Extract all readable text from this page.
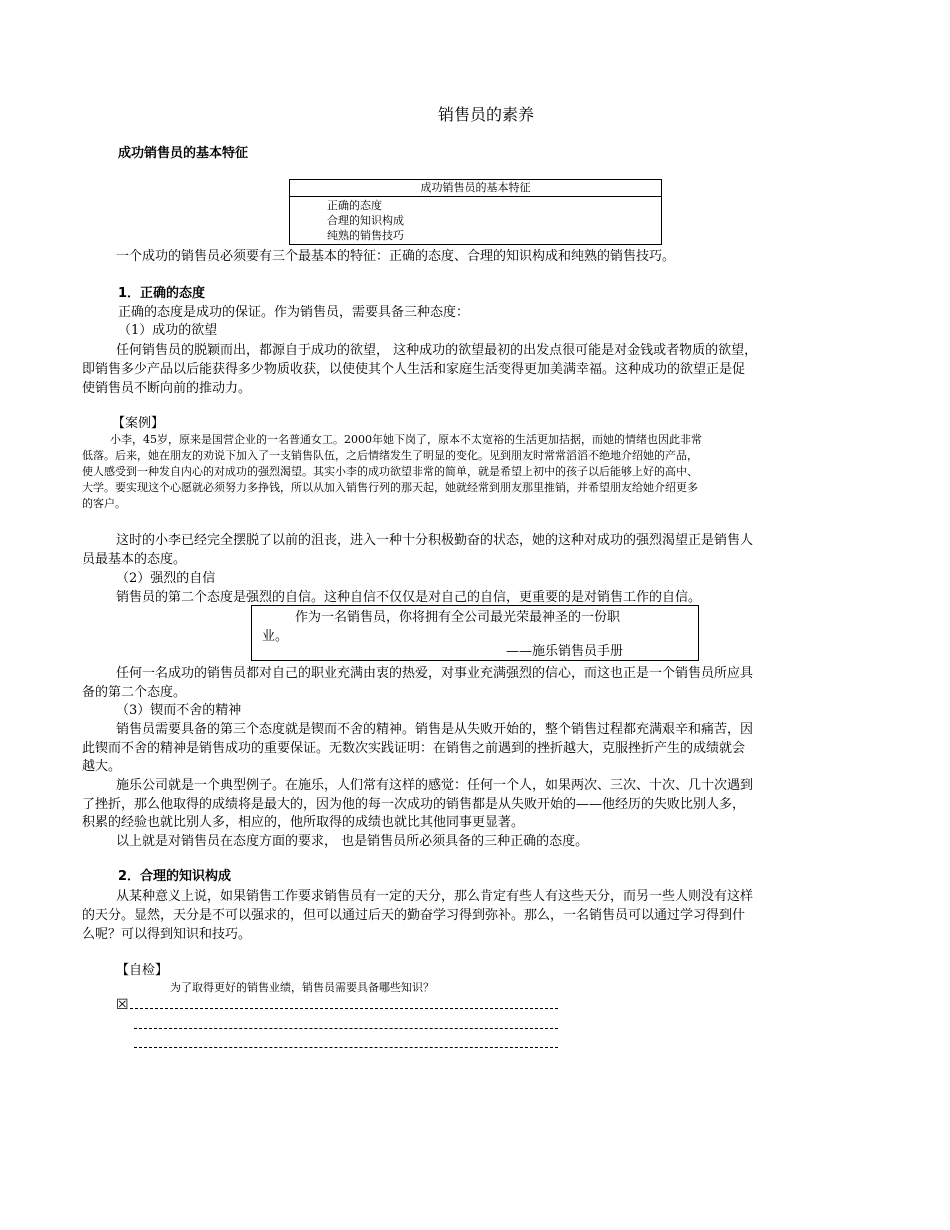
销售员的素养
成功销售员的基本特征
成功销售员的基本特征
正确的态度
合理的知识构成
纯熟的销售技巧
一个成功的销售员必须要有三个最基本的特征：正确的态度、合理的知识构成和纯熟的销售技巧。
1．正确的态度
正确的态度是成功的保证。作为销售员，需要具备三种态度：
（1）成功的欲望
任何销售员的脱颖而出，都源自于成功的欲望， 这种成功的欲望最初的出发点很可能是对金钱或者物质的欲望，
即销售多少产品以后能获得多少物质收获，以使使其个人生活和家庭生活变得更加美满幸福。这种成功的欲望正是促
使销售员不断向前的推动力。
【案例】
小李，45岁，原来是国营企业的一名普通女工。2000年她下岗了，原本不太宽裕的生活更加拮据，而她的情绪也因此非常
低落。后来，她在朋友的劝说下加入了一支销售队伍，之后情绪发生了明显的变化。见到朋友时常常滔滔不绝地介绍她的产品，
使人感受到一种发自内心的对成功的强烈渴望。其实小李的成功欲望非常的简单，就是希望上初中的孩子以后能够上好的高中、
大学。要实现这个心愿就必须努力多挣钱，所以从加入销售行列的那天起，她就经常到朋友那里推销，并希望朋友给她介绍更多
的客户。
这时的小李已经完全摆脱了以前的沮丧，进入一种十分积极勤奋的状态，她的这种对成功的强烈渴望正是销售人
员最基本的态度。
（2）强烈的自信
销售员的第二个态度是强烈的自信。这种自信不仅仅是对自己的自信，更重要的是对销售工作的自信。
作为一名销售员，你将拥有全公司最光荣最神圣的一份职
业。
——施乐销售员手册
任何一名成功的销售员都对自己的职业充满由衷的热爱，对事业充满强烈的信心，而这也正是一个销售员所应具
备的第二个态度。
（3）锲而不舍的精神
销售员需要具备的第三个态度就是锲而不舍的精神。销售是从失败开始的，整个销售过程都充满艰辛和痛苦，因
此锲而不舍的精神是销售成功的重要保证。无数次实践证明：在销售之前遇到的挫折越大，克服挫折产生的成绩就会
越大。
施乐公司就是一个典型例子。在施乐，人们常有这样的感觉：任何一个人，如果两次、三次、十次、几十次遇到
了挫折，那么他取得的成绩将是最大的，因为他的每一次成功的销售都是从失败开始的——他经历的失败比别人多，
积累的经验也就比别人多，相应的，他所取得的成绩也就比其他同事更显著。
以上就是对销售员在态度方面的要求， 也是销售员所必须具备的三种正确的态度。
2．合理的知识构成
从某种意义上说，如果销售工作要求销售员有一定的天分，那么肯定有些人有这些天分，而另一些人则没有这样
的天分。显然，天分是不可以强求的，但可以通过后天的勤奋学习得到弥补。那么，一名销售员可以通过学习得到什
么呢？可以得到知识和技巧。
【自检】
为了取得更好的销售业绩，销售员需要具备哪些知识？
☒
